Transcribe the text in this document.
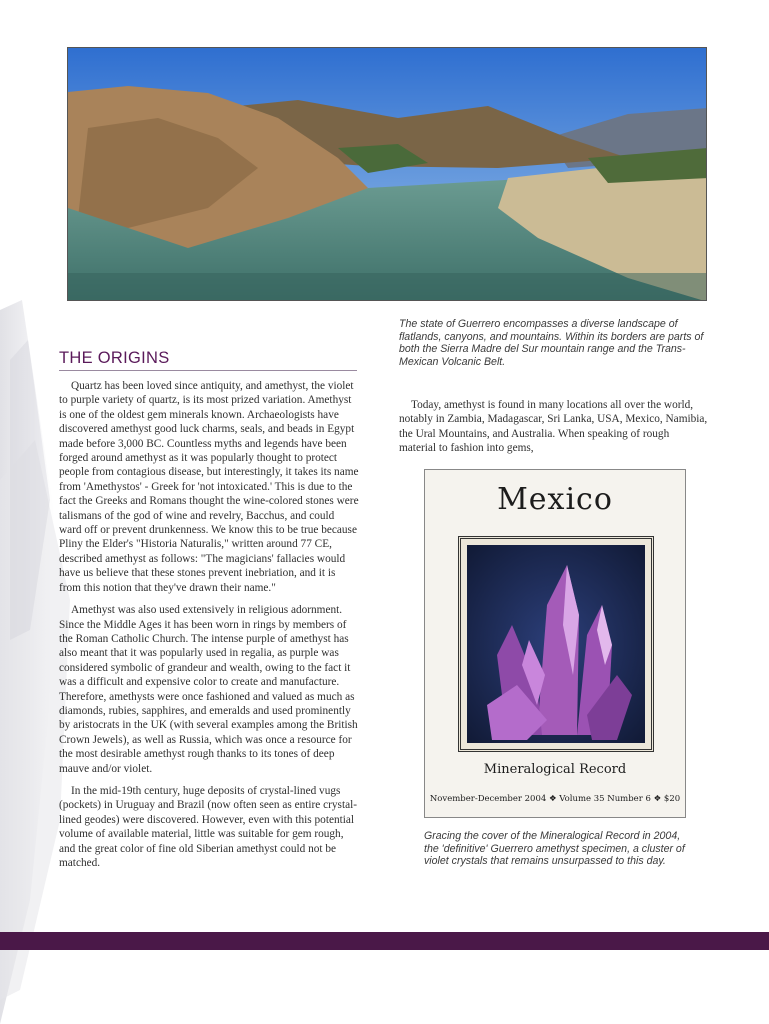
The state of Guerrero encompasses a diverse landscape of flatlands, canyons, and mountains. Within its borders are parts of both the Sierra Madre del Sur mountain range and the Trans-Mexican Volcanic Belt.
THE ORIGINS

Quartz has been loved since antiquity, and amethyst, the violet to purple variety of quartz, is its most prized variation. Amethyst is one of the oldest gem minerals known. Archaeologists have discovered amethyst good luck charms, seals, and beads in Egypt made before 3,000 BC. Countless myths and legends have been forged around amethyst as it was popularly thought to protect people from contagious disease, but interestingly, it takes its name from 'Amethystos' - Greek for 'not intoxicated.' This is due to the fact the Greeks and Romans thought the wine-colored stones were talismans of the god of wine and revelry, Bacchus, and could ward off or prevent drunkenness. We know this to be true because Pliny the Elder's "Historia Naturalis," written around 77 CE, described amethyst as follows: "The magicians' fallacies would have us believe that these stones prevent inebriation, and it is from this notion that they've drawn their name."

Amethyst was also used extensively in religious adornment. Since the Middle Ages it has been worn in rings by members of the Roman Catholic Church. The intense purple of amethyst has also meant that it was popularly used in regalia, as purple was considered symbolic of grandeur and wealth, owing to the fact it was a difficult and expensive color to create and manufacture. Therefore, amethysts were once fashioned and valued as much as diamonds, rubies, sapphires, and emeralds and used prominently by aristocrats in the UK (with several examples among the British Crown Jewels), as well as Russia, which was once a resource for the most desirable amethyst rough thanks to its tones of deep mauve and/or violet.

In the mid-19th century, huge deposits of crystal-lined vugs (pockets) in Uruguay and Brazil (now often seen as entire crystal-lined geodes) were discovered. However, even with this potential volume of available material, little was suitable for gem rough, and the great color of fine old Siberian amethyst could not be matched.

Today, amethyst is found in many locations all over the world, notably in Zambia, Madagascar, Sri Lanka, USA, Mexico, Namibia, the Ural Mountains, and Australia. When speaking of rough material to fashion into gems,

Mexico
Mineralogical Record
November-December 2004 ❖ Volume 35 Number 6 ❖ $20
Gracing the cover of the Mineralogical Record in 2004, the 'definitive' Guerrero amethyst specimen, a cluster of violet crystals that remains unsurpassed to this day.
